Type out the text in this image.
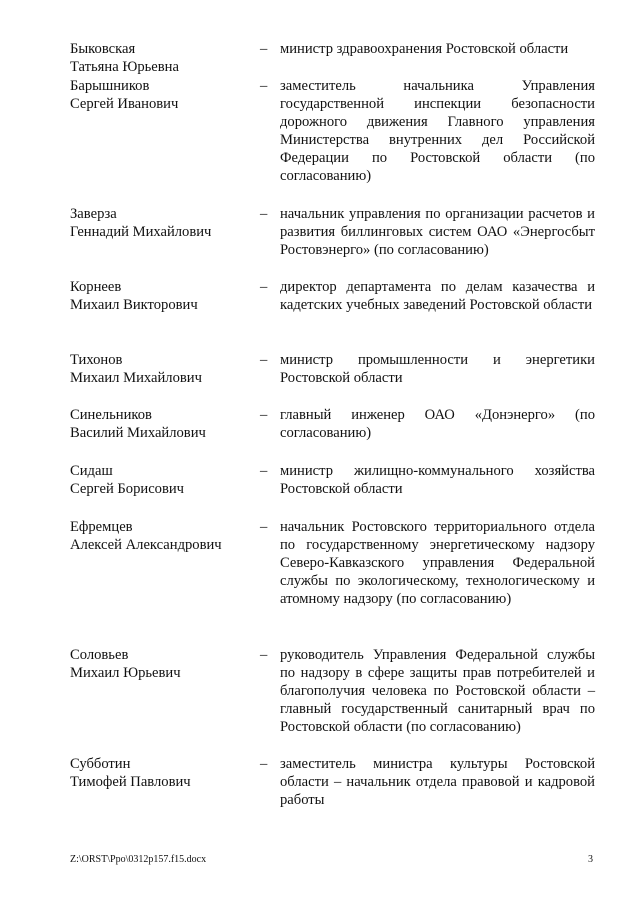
Быковская
Татьяна Юрьевна
– министр здравоохранения Ростовской области
Барышников
Сергей Иванович
– заместитель начальника Управления государственной инспекции безопасности дорожного движения Главного управления Министерства внутренних дел Российской Федерации по Ростовской области (по согласованию)
Заверза
Геннадий Михайлович
– начальник управления по организации расчетов и развития биллинговых систем ОАО «Энергосбыт Ростовэнерго» (по согласованию)
Корнеев
Михаил Викторович
– директор департамента по делам казачества и кадетских учебных заведений Ростовской области
Тихонов
Михаил Михайлович
– министр промышленности и энергетики Ростовской области
Синельников
Василий Михайлович
– главный инженер ОАО «Донэнерго» (по согласованию)
Сидаш
Сергей Борисович
– министр жилищно-коммунального хозяйства Ростовской области
Ефремцев
Алексей Александрович
– начальник Ростовского территориального отдела по государственному энергетическому надзору Северо-Кавказского управления Федеральной службы по экологическому, технологическому и атомному надзору (по согласованию)
Соловьев
Михаил Юрьевич
– руководитель Управления Федеральной службы по надзору в сфере защиты прав потребителей и благополучия человека по Ростовской области – главный государственный санитарный врач по Ростовской области (по согласованию)
Субботин
Тимофей Павлович
– заместитель министра культуры Ростовской области – начальник отдела правовой и кадровой работы
Z:\ORST\Ppo\0312p157.f15.docx	3
